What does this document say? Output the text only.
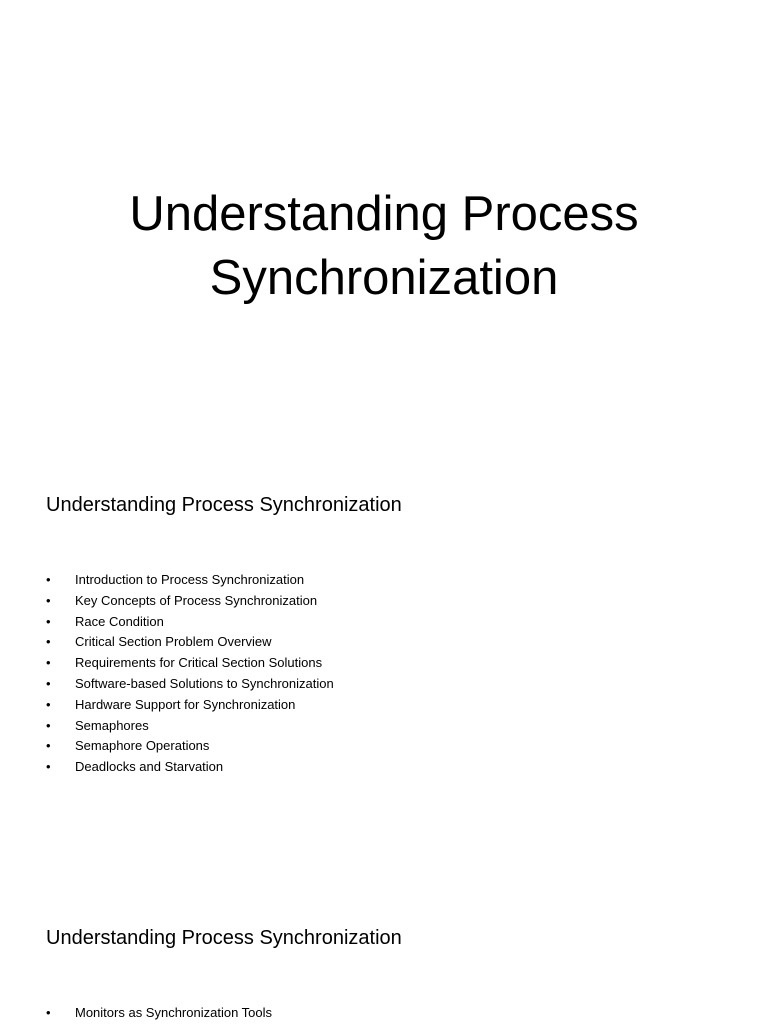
Understanding Process Synchronization
Understanding Process Synchronization
• Introduction to Process Synchronization
• Key Concepts of Process Synchronization
• Race Condition
• Critical Section Problem Overview
• Requirements for Critical Section Solutions
• Software-based Solutions to Synchronization
• Hardware Support for Synchronization
• Semaphores
• Semaphore Operations
• Deadlocks and Starvation
Understanding Process Synchronization
• Monitors as Synchronization Tools
